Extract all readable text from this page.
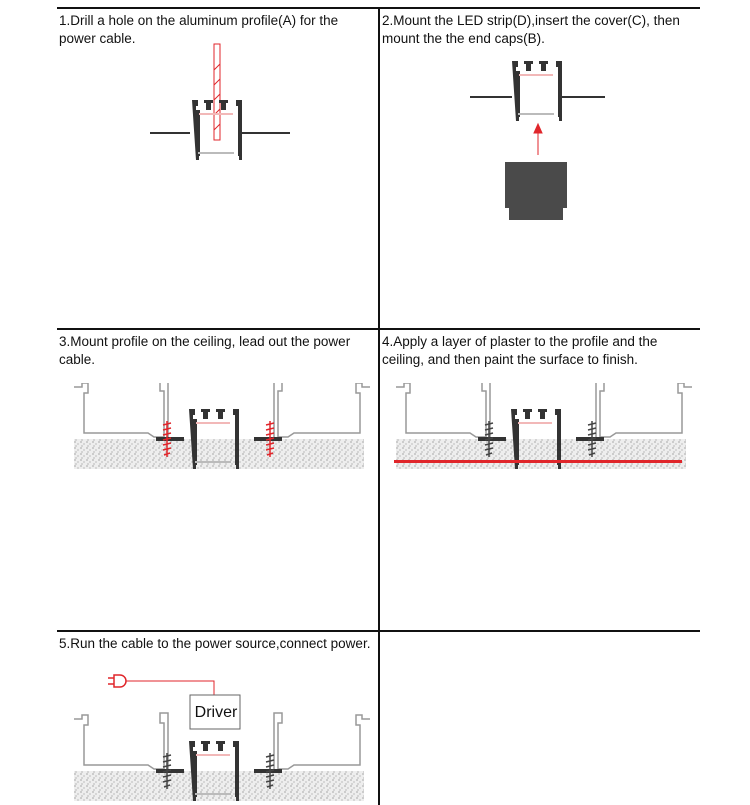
1.Drill a hole on the aluminum profile(A) for the power cable.
2.Mount the LED strip(D),insert the cover(C), then mount the the end caps(B).
3.Mount profile on the ceiling, lead out the power cable.
4.Apply a layer of plaster to the profile and the ceiling, and then paint the surface to finish.
5.Run the cable to the power source,connect power.
Driver
